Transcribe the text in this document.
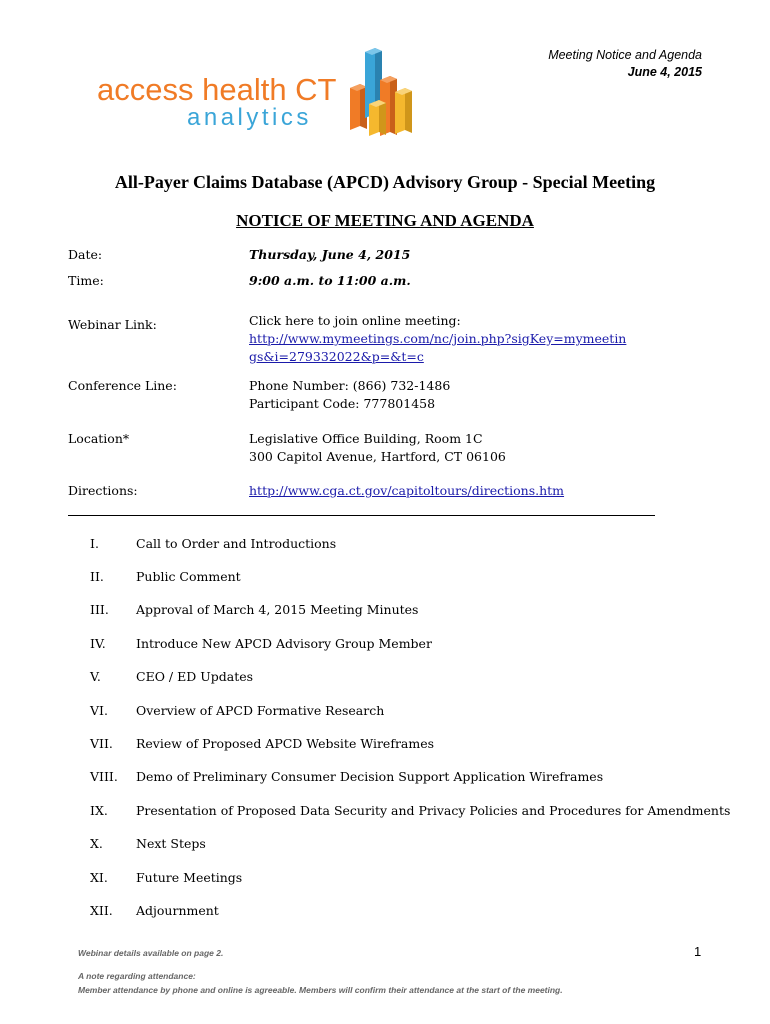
Meeting Notice and Agenda
June 4, 2015
access health CT
analytics
All-Payer Claims Database (APCD) Advisory Group - Special Meeting
NOTICE OF MEETING AND AGENDA
Date:	Thursday, June 4, 2015
Time:	9:00 a.m. to 11:00 a.m.
Webinar Link:	Click here to join online meeting:
http://www.mymeetings.com/nc/join.php?sigKey=mymeetin
gs&i=279332022&p=&t=c
Conference Line:	Phone Number: (866) 732-1486
Participant Code: 777801458
Location*	Legislative Office Building, Room 1C
300 Capitol Avenue, Hartford, CT 06106
Directions:	http://www.cga.ct.gov/capitoltours/directions.htm
I.	Call to Order and Introductions
II.	Public Comment
III. Approval of March 4, 2015 Meeting Minutes
IV. Introduce New APCD Advisory Group Member
V.	CEO / ED Updates
VI. Overview of APCD Formative Research
VII. Review of Proposed APCD Website Wireframes
VIII. Demo of Preliminary Consumer Decision Support Application Wireframes
IX. Presentation of Proposed Data Security and Privacy Policies and Procedures for Amendments
X.	Next Steps
XI. Future Meetings
XII. Adjournment
Webinar details available on page 2.	1
A note regarding attendance:
Member attendance by phone and online is agreeable. Members will confirm their attendance at the start of the meeting.
